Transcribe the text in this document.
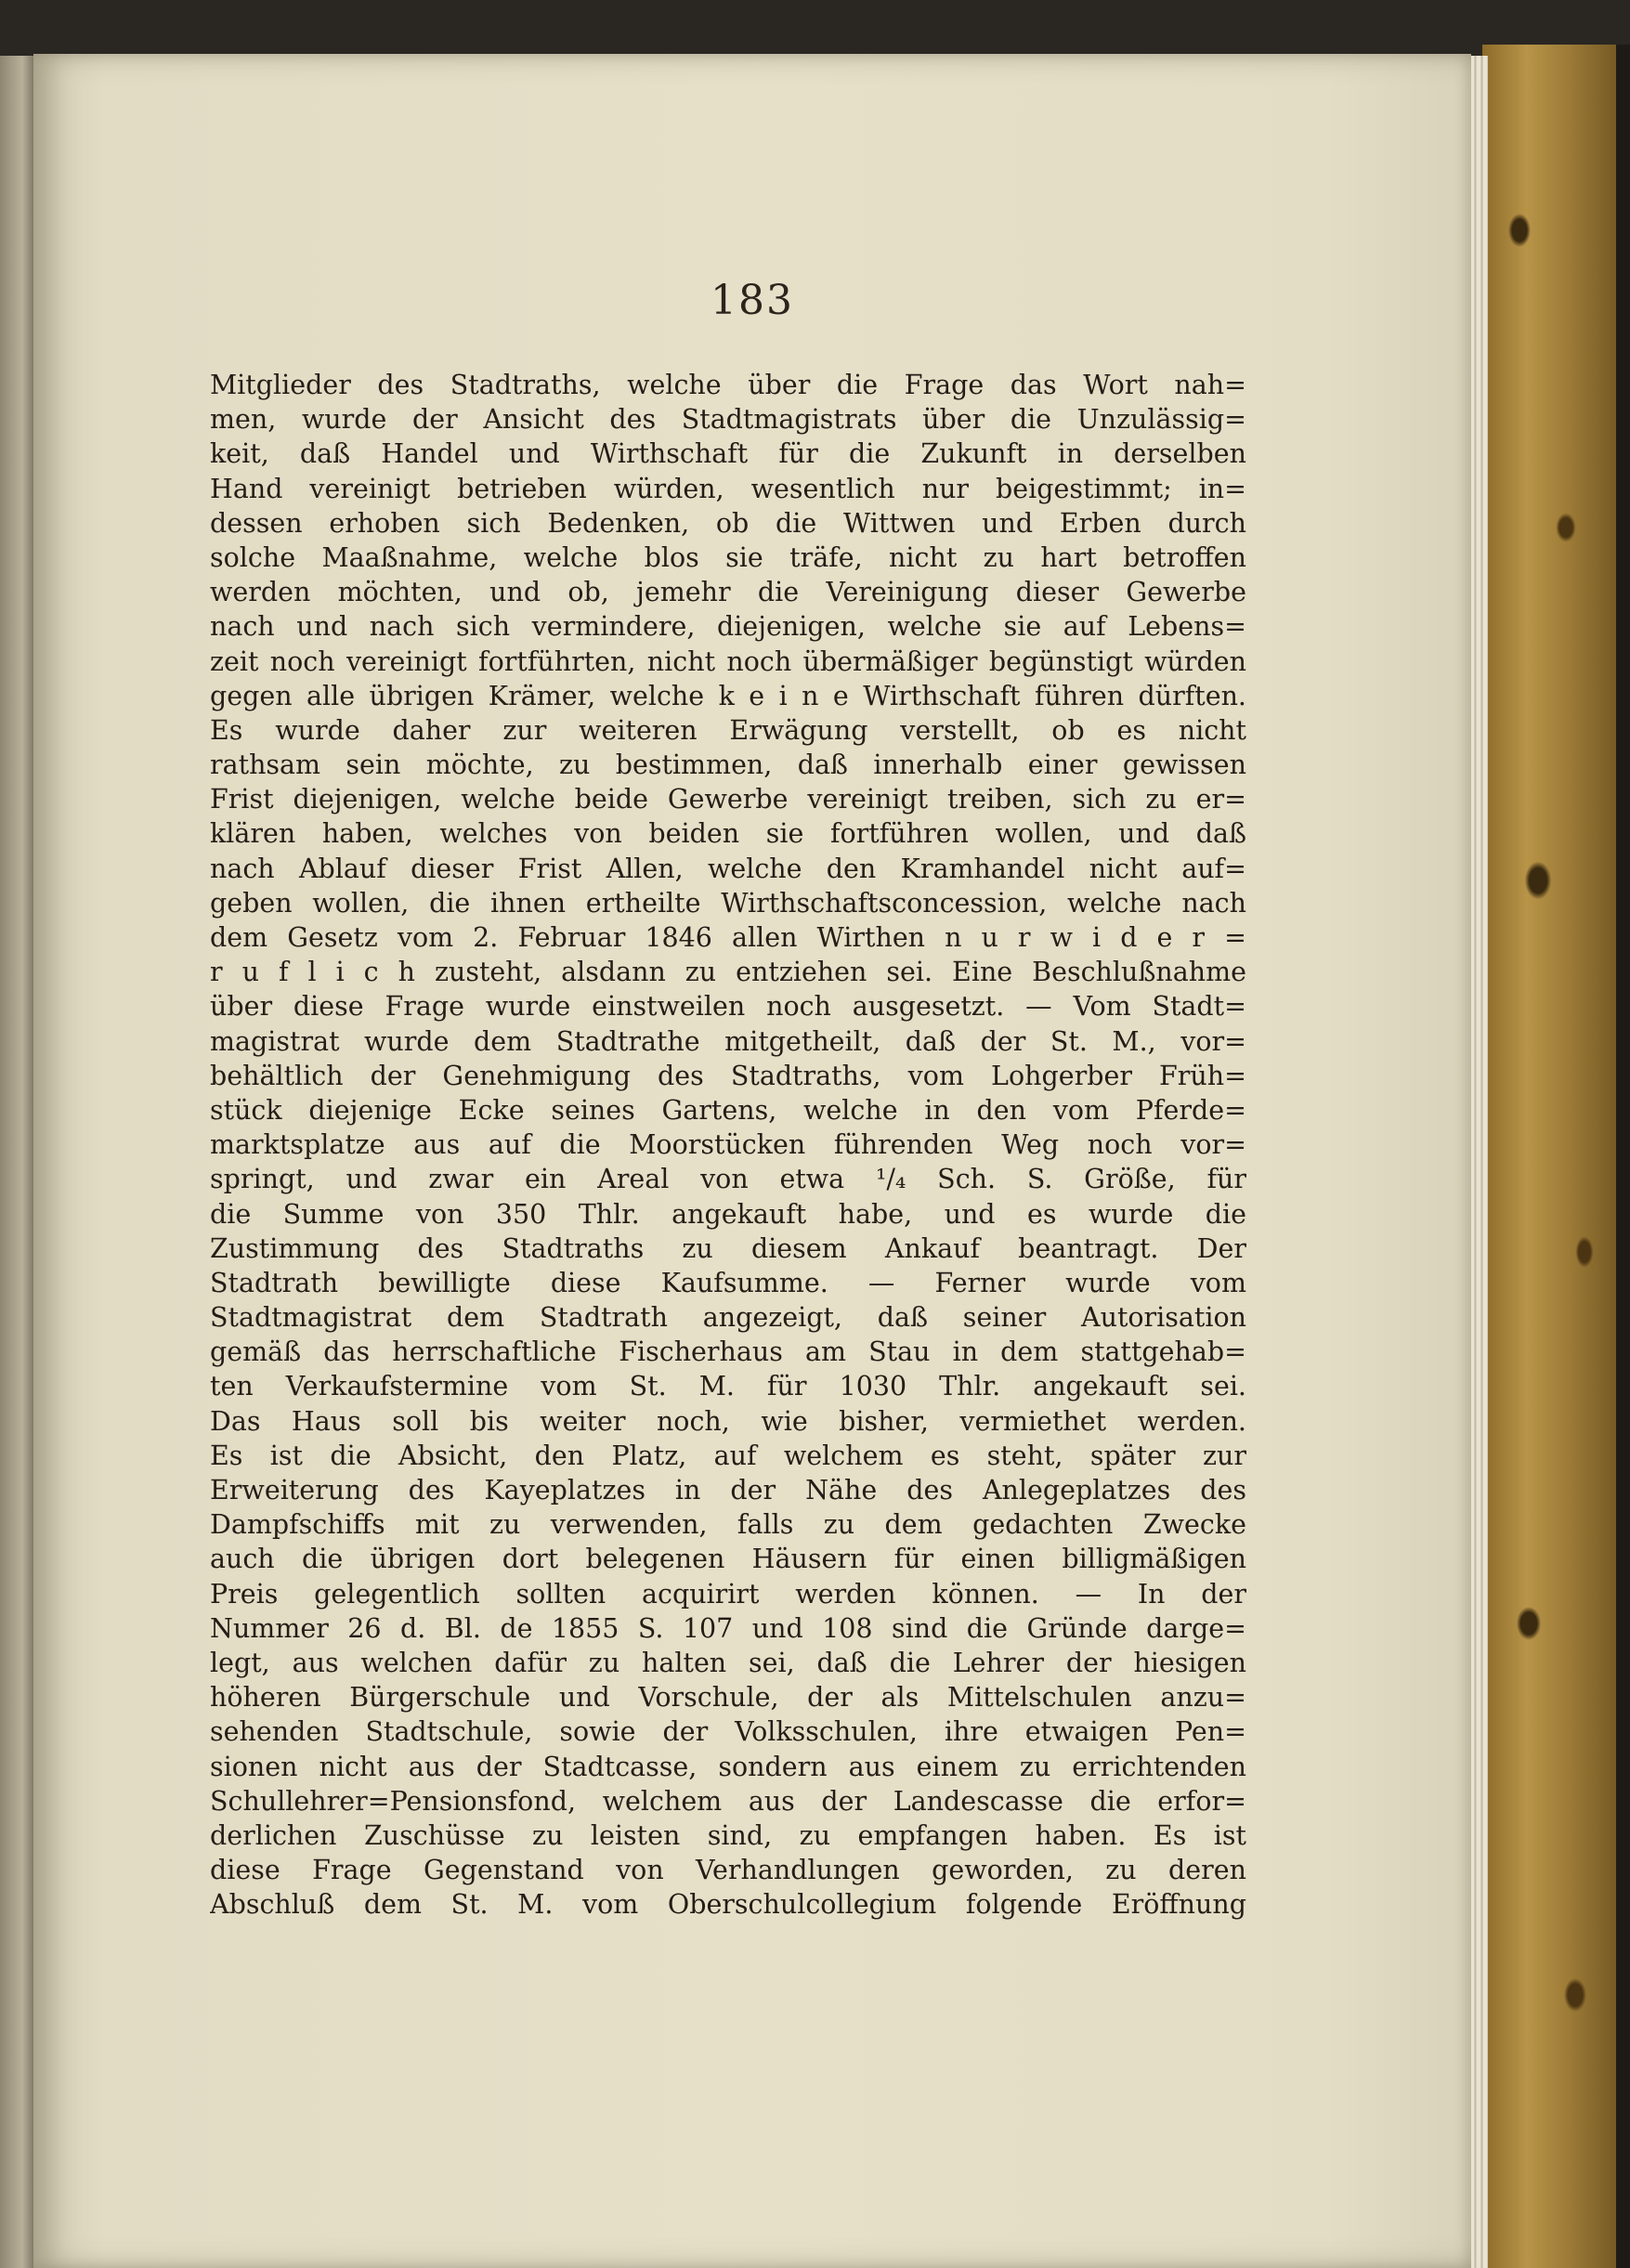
183
Mitglieder des Stadtraths, welche über die Frage das Wort nah=
men, wurde der Ansicht des Stadtmagistrats über die Unzulässig=
keit, daß Handel und Wirthschaft für die Zukunft in derselben
Hand vereinigt betrieben würden, wesentlich nur beigestimmt; in=
dessen erhoben sich Bedenken, ob die Wittwen und Erben durch
solche Maaßnahme, welche blos sie träfe, nicht zu hart betroffen
werden möchten, und ob, jemehr die Vereinigung dieser Gewerbe
nach und nach sich vermindere, diejenigen, welche sie auf Lebens=
zeit noch vereinigt fortführten, nicht noch übermäßiger begünstigt würden
gegen alle übrigen Krämer, welche k e i n e Wirthschaft führen dürften.
Es wurde daher zur weiteren Erwägung verstellt, ob es nicht
rathsam sein möchte, zu bestimmen, daß innerhalb einer gewissen
Frist diejenigen, welche beide Gewerbe vereinigt treiben, sich zu er=
klären haben, welches von beiden sie fortführen wollen, und daß
nach Ablauf dieser Frist Allen, welche den Kramhandel nicht auf=
geben wollen, die ihnen ertheilte Wirthschaftsconcession, welche nach
dem Gesetz vom 2. Februar 1846 allen Wirthen n u r w i d e r =
r u f l i c h zusteht, alsdann zu entziehen sei. Eine Beschlußnahme
über diese Frage wurde einstweilen noch ausgesetzt. — Vom Stadt=
magistrat wurde dem Stadtrathe mitgetheilt, daß der St. M., vor=
behältlich der Genehmigung des Stadtraths, vom Lohgerber Früh=
stück diejenige Ecke seines Gartens, welche in den vom Pferde=
marktsplatze aus auf die Moorstücken führenden Weg noch vor=
springt, und zwar ein Areal von etwa ¹/₄ Sch. S. Größe, für
die Summe von 350 Thlr. angekauft habe, und es wurde die
Zustimmung des Stadtraths zu diesem Ankauf beantragt. Der
Stadtrath bewilligte diese Kaufsumme. — Ferner wurde vom
Stadtmagistrat dem Stadtrath angezeigt, daß seiner Autorisation
gemäß das herrschaftliche Fischerhaus am Stau in dem stattgehab=
ten Verkaufstermine vom St. M. für 1030 Thlr. angekauft sei.
Das Haus soll bis weiter noch, wie bisher, vermiethet werden.
Es ist die Absicht, den Platz, auf welchem es steht, später zur
Erweiterung des Kayeplatzes in der Nähe des Anlegeplatzes des
Dampfschiffs mit zu verwenden, falls zu dem gedachten Zwecke
auch die übrigen dort belegenen Häusern für einen billigmäßigen
Preis gelegentlich sollten acquirirt werden können. — In der
Nummer 26 d. Bl. de 1855 S. 107 und 108 sind die Gründe darge=
legt, aus welchen dafür zu halten sei, daß die Lehrer der hiesigen
höheren Bürgerschule und Vorschule, der als Mittelschulen anzu=
sehenden Stadtschule, sowie der Volksschulen, ihre etwaigen Pen=
sionen nicht aus der Stadtcasse, sondern aus einem zu errichtenden
Schullehrer=Pensionsfond, welchem aus der Landescasse die erfor=
derlichen Zuschüsse zu leisten sind, zu empfangen haben. Es ist
diese Frage Gegenstand von Verhandlungen geworden, zu deren
Abschluß dem St. M. vom Oberschulcollegium folgende Eröffnung
